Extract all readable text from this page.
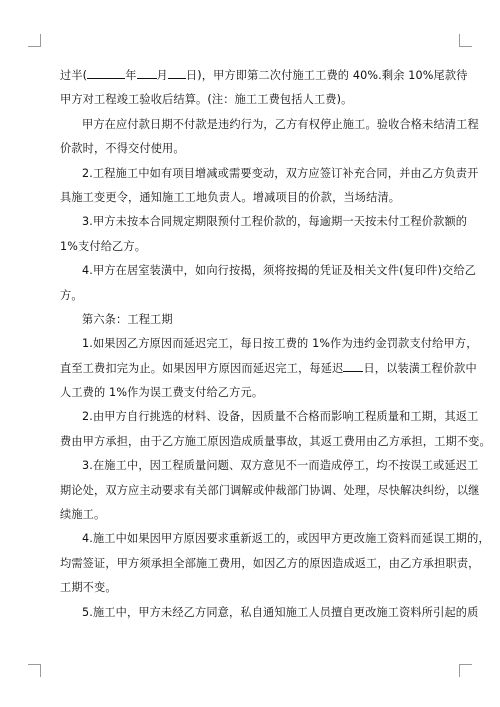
过半(	年 月 日)，甲方即第二次付施工工费的 40%.剩余 10%尾款待
甲方对工程竣工验收后结算。(注：施工工费包括人工费)。
甲方在应付款日期不付款是违约行为，乙方有权停止施工。验收合格未结清工程
价款时，不得交付使用。
2.工程施工中如有项目增减或需要变动，双方应签订补充合同，并由乙方负责开
具施工变更令，通知施工工地负责人。增减项目的价款，当场结清。
3.甲方未按本合同规定期限预付工程价款的，每逾期一天按未付工程价款额的
1%支付给乙方。
4.甲方在居室装潢中，如向行按揭，须将按揭的凭证及相关文件(复印件)交给乙
方。
第六条：工程工期
1.如果因乙方原因而延迟完工，每日按工费的 1%作为违约金罚款支付给甲方，
直至工费扣完为止。如果因甲方原因而延迟完工，每延迟 日，以装潢工程价款中
人工费的 1%作为误工费支付给乙方元。
2.由甲方自行挑选的材料、设备，因质量不合格而影响工程质量和工期，其返工
费由甲方承担，由于乙方施工原因造成质量事故，其返工费用由乙方承担，工期不变。
3.在施工中，因工程质量问题、双方意见不一而造成停工，均不按误工或延迟工
期论处，双方应主动要求有关部门调解或仲裁部门协调、处理，尽快解决纠纷，以继
续施工。
4.施工中如果因甲方原因要求重新返工的，或因甲方更改施工资料而延误工期的，
均需签证，甲方须承担全部施工费用，如因乙方的原因造成返工，由乙方承担职责，
工期不变。
5.施工中，甲方未经乙方同意，私自通知施工人员擅自更改施工资料所引起的质
